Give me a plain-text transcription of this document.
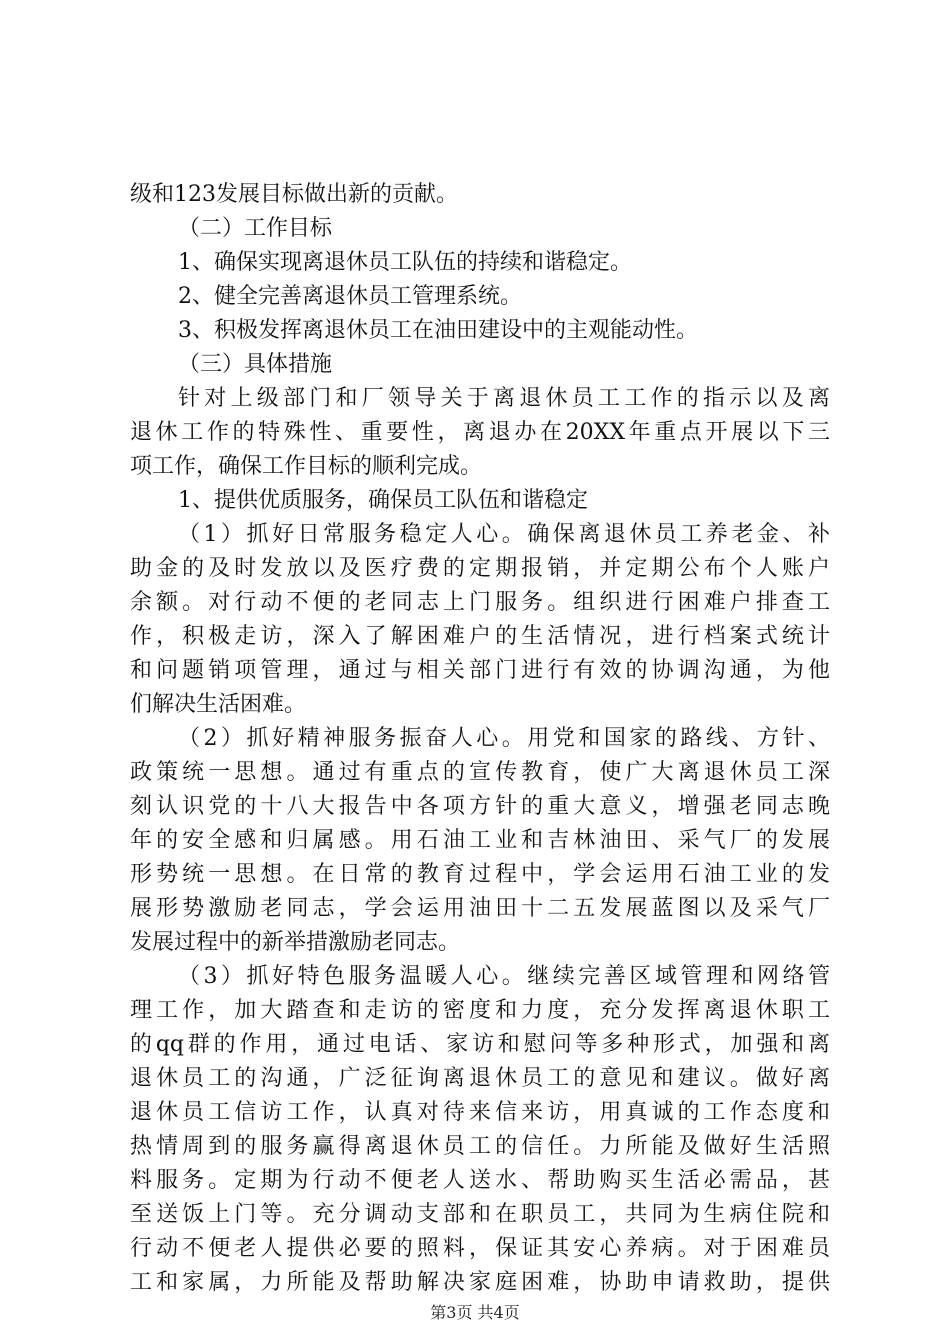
级和123发展目标做出新的贡献。
（二）工作目标
1、确保实现离退休员工队伍的持续和谐稳定。
2、健全完善离退休员工管理系统。
3、积极发挥离退休员工在油田建设中的主观能动性。
（三）具体措施
针对上级部门和厂领导关于离退休员工工作的指示以及离
退休工作的特殊性、重要性，离退办在20XX年重点开展以下三
项工作，确保工作目标的顺利完成。
1、提供优质服务，确保员工队伍和谐稳定
（1）抓好日常服务稳定人心。确保离退休员工养老金、补
助金的及时发放以及医疗费的定期报销，并定期公布个人账户
余额。对行动不便的老同志上门服务。组织进行困难户排查工
作，积极走访，深入了解困难户的生活情况，进行档案式统计
和问题销项管理，通过与相关部门进行有效的协调沟通，为他
们解决生活困难。
（2）抓好精神服务振奋人心。用党和国家的路线、方针、
政策统一思想。通过有重点的宣传教育，使广大离退休员工深
刻认识党的十八大报告中各项方针的重大意义，增强老同志晚
年的安全感和归属感。用石油工业和吉林油田、采气厂的发展
形势统一思想。在日常的教育过程中，学会运用石油工业的发
展形势激励老同志，学会运用油田十二五发展蓝图以及采气厂
发展过程中的新举措激励老同志。
（3）抓好特色服务温暖人心。继续完善区域管理和网络管
理工作，加大踏查和走访的密度和力度，充分发挥离退休职工
的qq群的作用，通过电话、家访和慰问等多种形式，加强和离
退休员工的沟通，广泛征询离退休员工的意见和建议。做好离
退休员工信访工作，认真对待来信来访，用真诚的工作态度和
热情周到的服务赢得离退休员工的信任。力所能及做好生活照
料服务。定期为行动不便老人送水、帮助购买生活必需品，甚
至送饭上门等。充分调动支部和在职员工，共同为生病住院和
行动不便老人提供必要的照料，保证其安心养病。对于困难员
工和家属，力所能及帮助解决家庭困难，协助申请救助，提供
第3页 共4页
